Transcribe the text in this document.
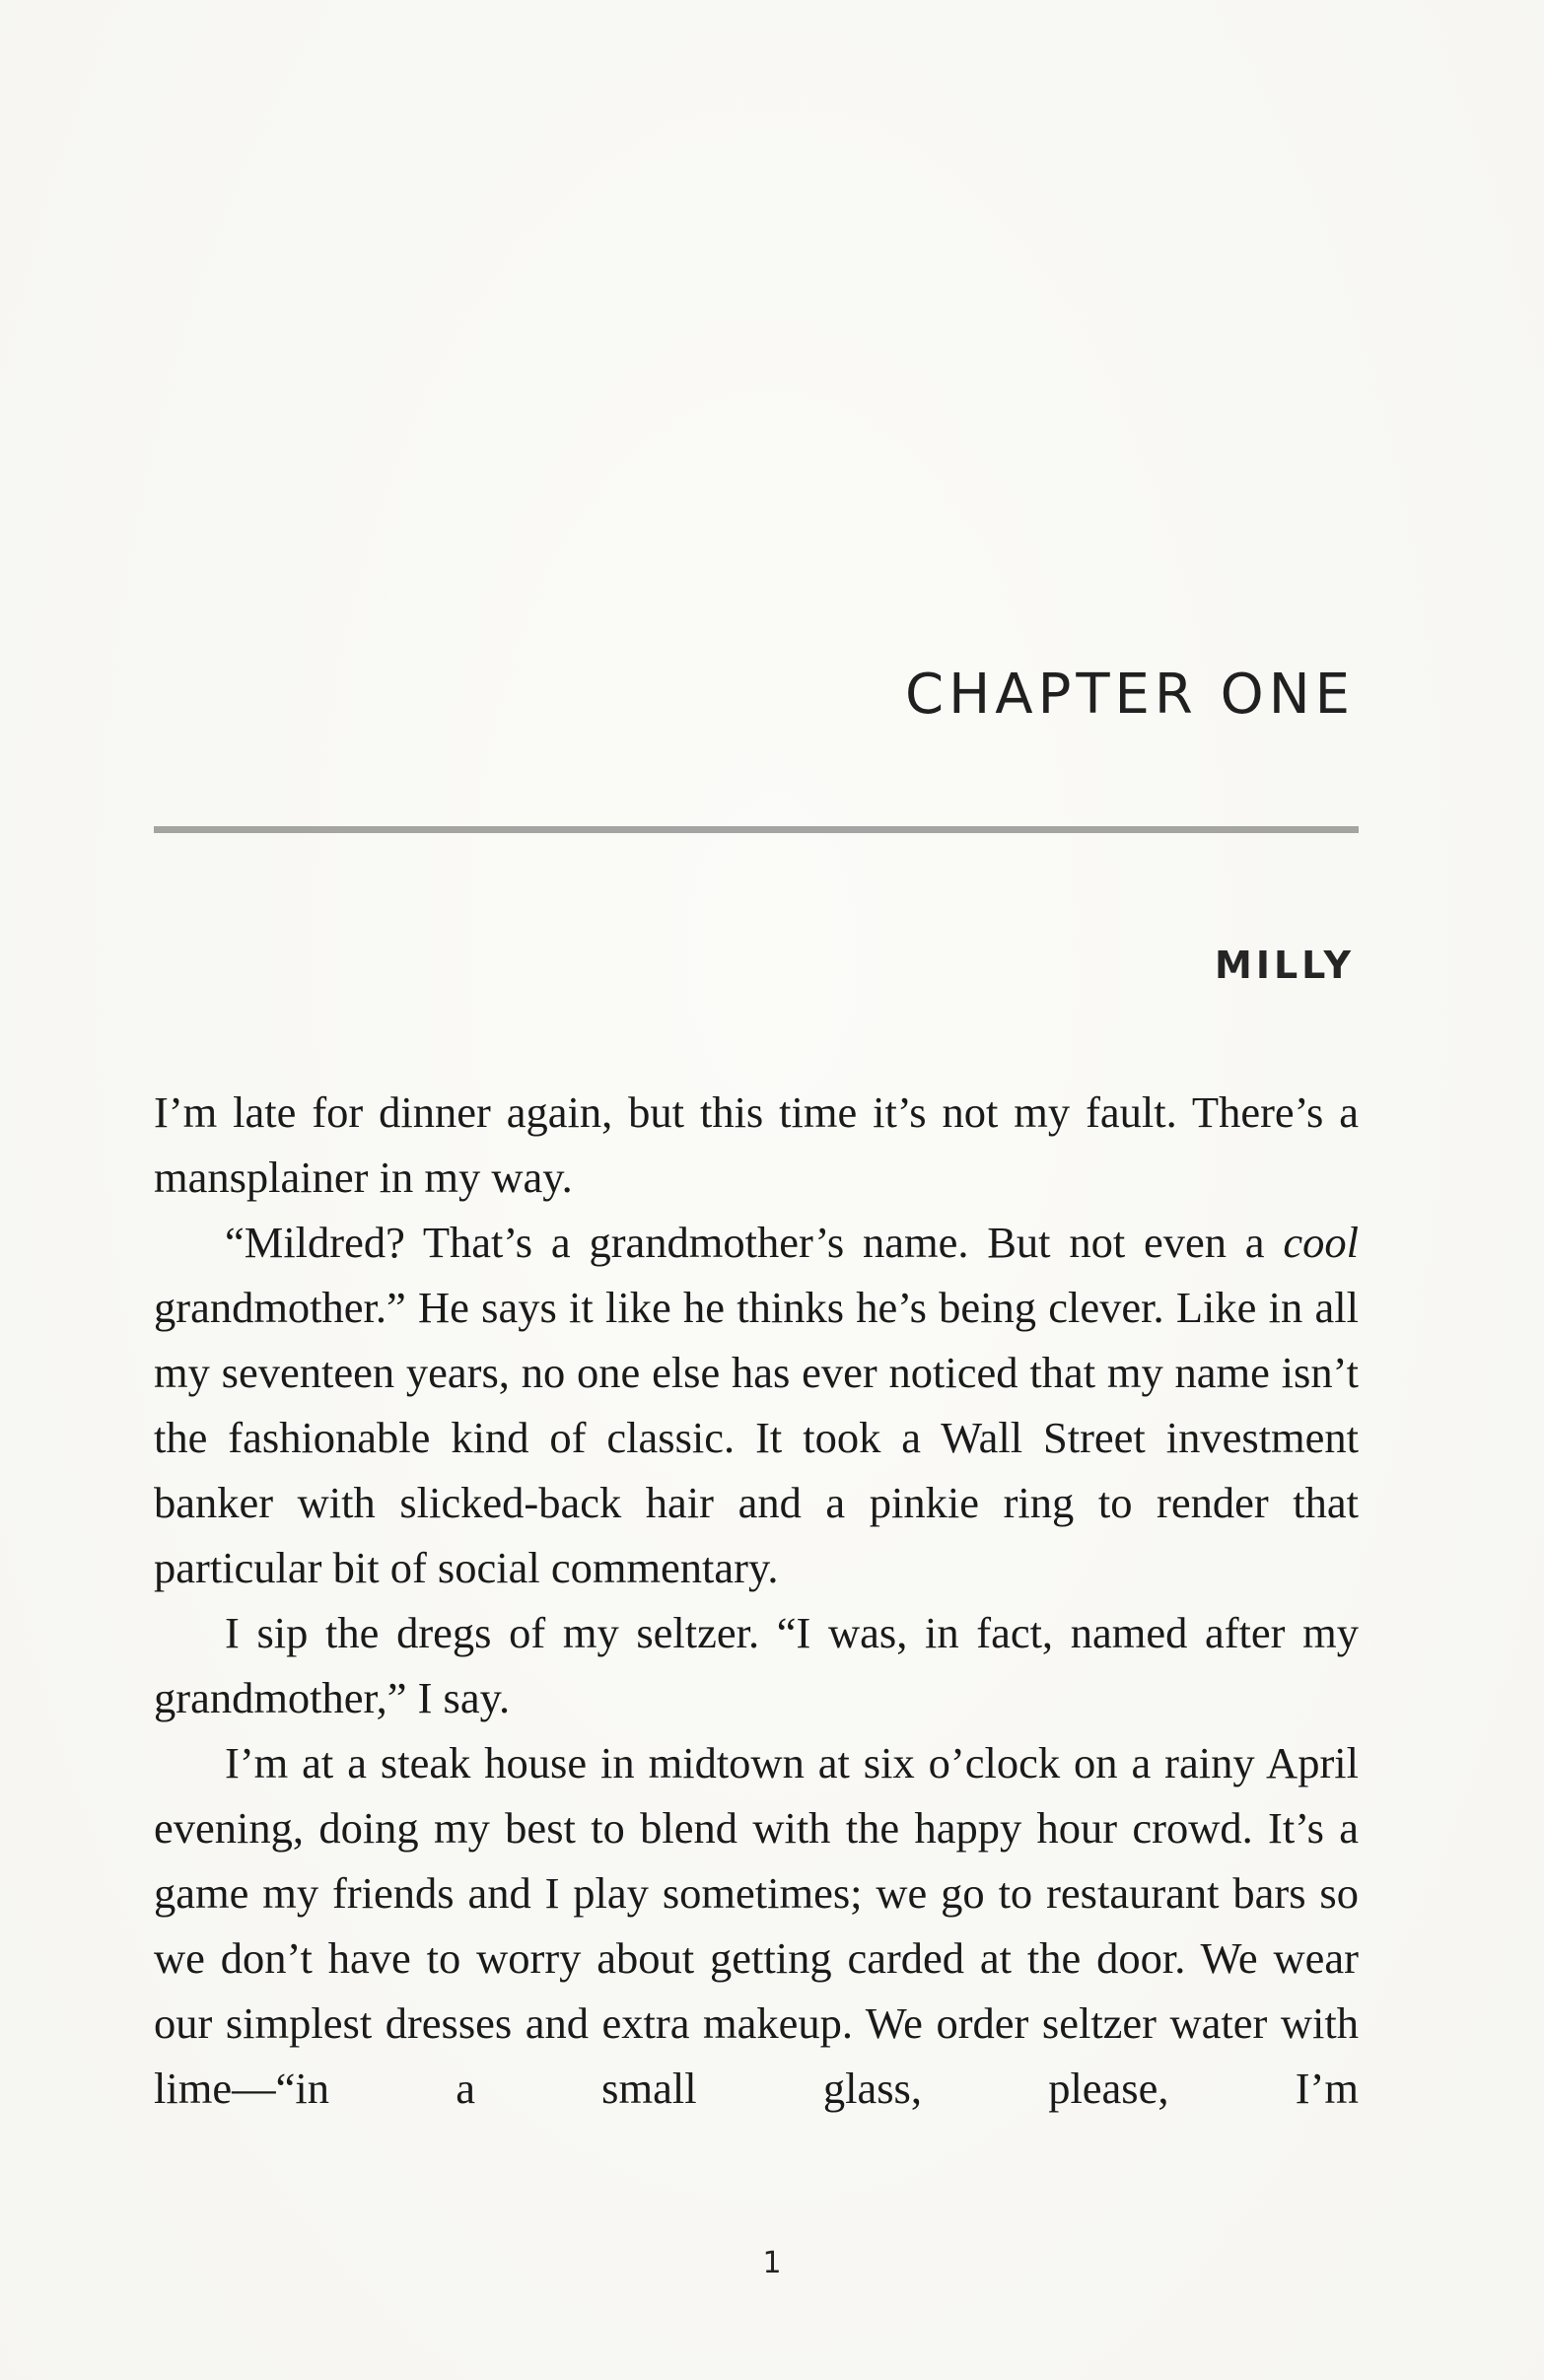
CHAPTER ONE
MILLY

I’m late for dinner again, but this time it’s not my fault. There’s a mansplainer in my way.

“Mildred? That’s a grandmother’s name. But not even a cool grandmother.” He says it like he thinks he’s being clever. Like in all my seventeen years, no one else has ever noticed that my name isn’t the fashionable kind of classic. It took a Wall Street investment banker with slicked-back hair and a pinkie ring to render that particular bit of social commentary.

I sip the dregs of my seltzer. “I was, in fact, named after my grandmother,” I say.

I’m at a steak house in midtown at six o’clock on a rainy April evening, doing my best to blend with the happy hour crowd. It’s a game my friends and I play sometimes; we go to restaurant bars so we don’t have to worry about getting carded at the door. We wear our simplest dresses and extra makeup. We order seltzer water with lime—“in a small glass, please, I’m

1
